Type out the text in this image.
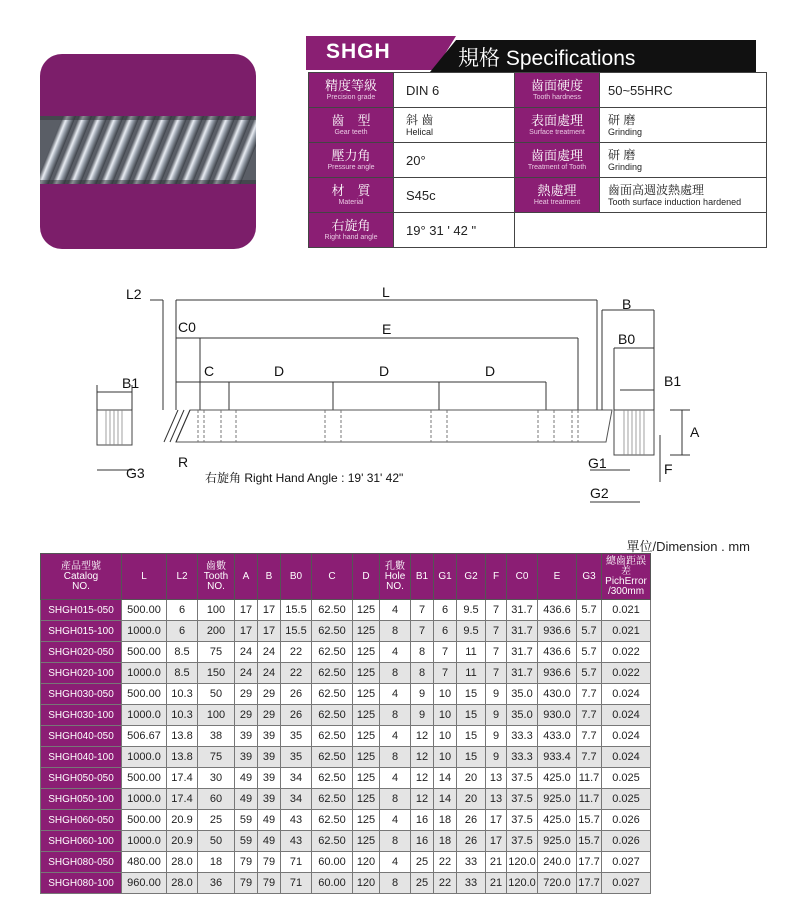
SHGH	規格 Specifications
精度等級
Precision grade	DIN 6	齒面硬度
Tooth hardness	50~55HRC

齒　型
Gear teeth	斜 齒
Helical	表面處理
Surface treatment	研 磨
Grinding

壓力角
Pressure angle	20°	齒面處理
Treatment of Tooth	研 磨
Grinding

材　質
Material	S45c	熱處理
Heat treatment	齒面高週波熱處理
Tooth surface induction hardened

右旋角
Right hand angle	19° 31 ' 42 "		
L2	L
B
C0	E
B0
B1
C	D	D	D
B1
A
G3
R	G1	F
G2
右旋角 Right Hand Angle : 19' 31' 42"
單位/Dimension . mm
產品型號
Catalog
NO.	L	L2	齒數
Tooth
NO.	A	B	B0	C	D	孔數
Hole
NO.	B1	G1	G2	F	C0	E	G3	總齒距誤差
PichError
/300mm
SHGH015-050	500.00	6	100	17	17	15.5	62.50	125	4	7	6	9.5	7	31.7	436.6	5.7	0.021
SHGH015-100	1000.0	6	200	17	17	15.5	62.50	125	8	7	6	9.5	7	31.7	936.6	5.7	0.021
SHGH020-050	500.00	8.5	75	24	24	22	62.50	125	4	8	7	11	7	31.7	436.6	5.7	0.022
SHGH020-100	1000.0	8.5	150	24	24	22	62.50	125	8	8	7	11	7	31.7	936.6	5.7	0.022
SHGH030-050	500.00	10.3	50	29	29	26	62.50	125	4	9	10	15	9	35.0	430.0	7.7	0.024
SHGH030-100	1000.0	10.3	100	29	29	26	62.50	125	8	9	10	15	9	35.0	930.0	7.7	0.024
SHGH040-050	506.67	13.8	38	39	39	35	62.50	125	4	12	10	15	9	33.3	433.0	7.7	0.024
SHGH040-100	1000.0	13.8	75	39	39	35	62.50	125	8	12	10	15	9	33.3	933.4	7.7	0.024
SHGH050-050	500.00	17.4	30	49	39	34	62.50	125	4	12	14	20	13	37.5	425.0	11.7	0.025
SHGH050-100	1000.0	17.4	60	49	39	34	62.50	125	8	12	14	20	13	37.5	925.0	11.7	0.025
SHGH060-050	500.00	20.9	25	59	49	43	62.50	125	4	16	18	26	17	37.5	425.0	15.7	0.026
SHGH060-100	1000.0	20.9	50	59	49	43	62.50	125	8	16	18	26	17	37.5	925.0	15.7	0.026
SHGH080-050	480.00	28.0	18	79	79	71	60.00	120	4	25	22	33	21	120.0	240.0	17.7	0.027
SHGH080-100	960.00	28.0	36	79	79	71	60.00	120	8	25	22	33	21	120.0	720.0	17.7	0.027
